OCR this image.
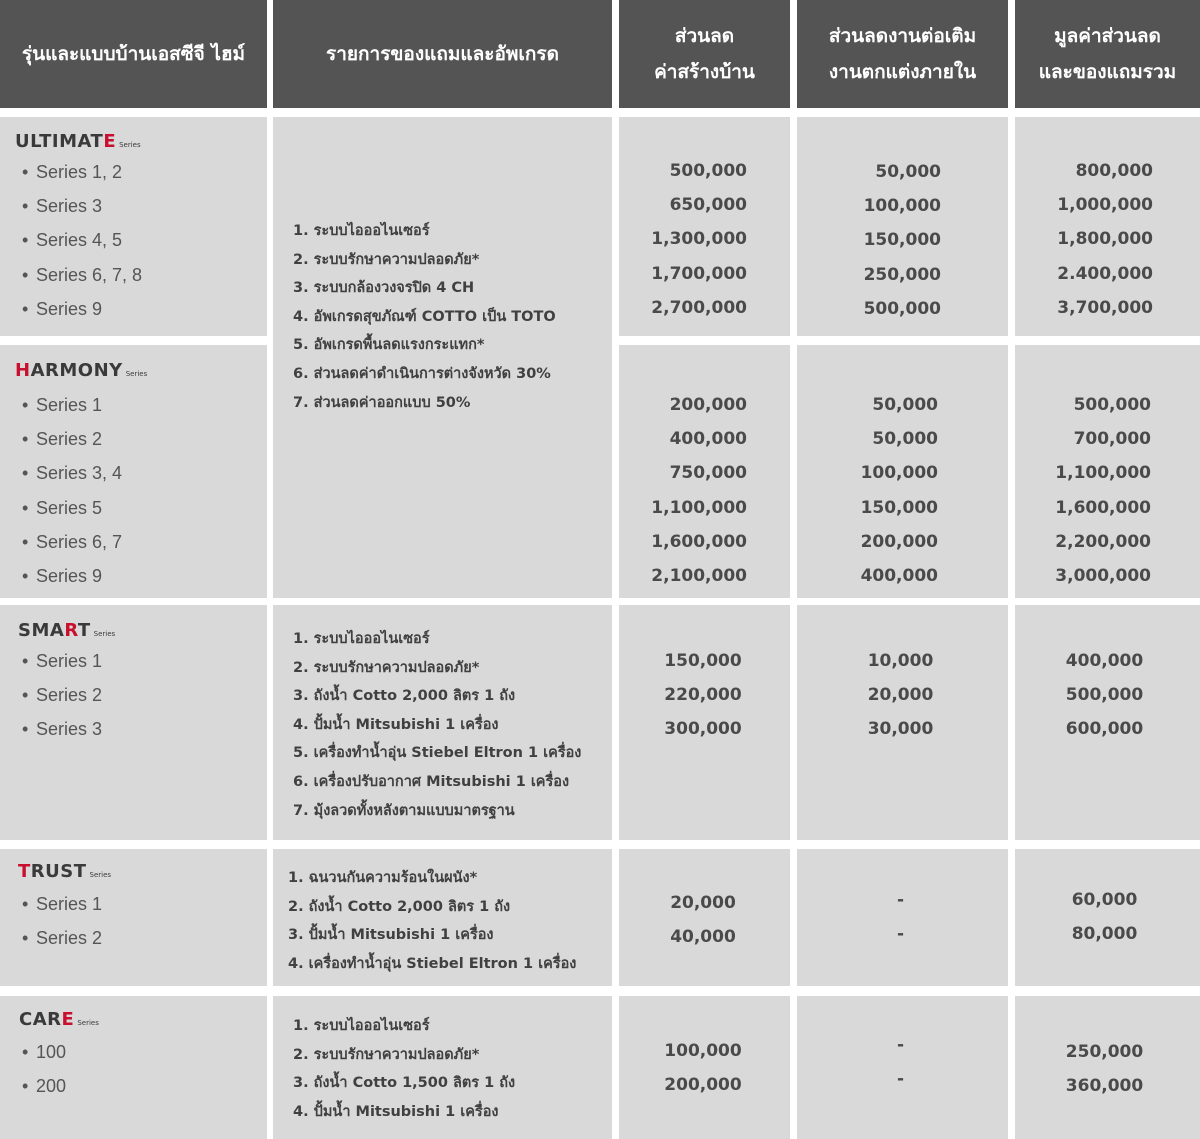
รุ่นและแบบบ้านเอสซีจี ไฮม์	รายการของแถมและอัพเกรด
ส่วนลด
ค่าสร้างบ้าน
ส่วนลดงานต่อเติม
งานตกแต่งภายใน
มูลค่าส่วนลด
และของแถมรวม
ULTIMATE Series
• Series 1, 2
• Series 3
• Series 4, 5
• Series 6, 7, 8
• Series 9
1. ระบบไอออไนเซอร์
2. ระบบรักษาความปลอดภัย*
3. ระบบกล้องวงจรปิด 4 CH
4. อัพเกรดสุขภัณฑ์ COTTO เป็น TOTO
5. อัพเกรดพื้นลดแรงกระแทก*
6. ส่วนลดค่าดำเนินการต่างจังหวัด 30%
7. ส่วนลดค่าออกแบบ 50%
500,000
650,000
1,300,000
1,700,000
2,700,000
50,000
100,000
150,000
250,000
500,000
800,000
1,000,000
1,800,000
2.400,000
3,700,000
HARMONY Series
• Series 1
• Series 2
• Series 3, 4
• Series 5
• Series 6, 7
• Series 9
200,000
400,000
750,000
1,100,000
1,600,000
2,100,000
50,000
50,000
100,000
150,000
200,000
400,000
500,000
700,000
1,100,000
1,600,000
2,200,000
3,000,000
SMART Series
• Series 1
• Series 2
• Series 3
1. ระบบไอออไนเซอร์
2. ระบบรักษาความปลอดภัย*
3. ถังน้ำ Cotto 2,000 ลิตร 1 ถัง
4. ปั้มน้ำ Mitsubishi 1 เครื่อง
5. เครื่องทำน้ำอุ่น Stiebel Eltron 1 เครื่อง
6. เครื่องปรับอากาศ Mitsubishi 1 เครื่อง
7. มุ้งลวดทั้งหลังตามแบบมาตรฐาน
150,000
220,000
300,000
10,000
20,000
30,000
400,000
500,000
600,000
TRUST Series
• Series 1
• Series 2
1. ฉนวนกันความร้อนในผนัง*
2. ถังน้ำ Cotto 2,000 ลิตร 1 ถัง
3. ปั้มน้ำ Mitsubishi 1 เครื่อง
4. เครื่องทำน้ำอุ่น Stiebel Eltron 1 เครื่อง
20,000
40,000
-
-
60,000
80,000
CARE Series
• 100
• 200
1. ระบบไอออไนเซอร์
2. ระบบรักษาความปลอดภัย*
3. ถังน้ำ Cotto 1,500 ลิตร 1 ถัง
4. ปั้มน้ำ Mitsubishi 1 เครื่อง
100,000
200,000
-
-
250,000
360,000
